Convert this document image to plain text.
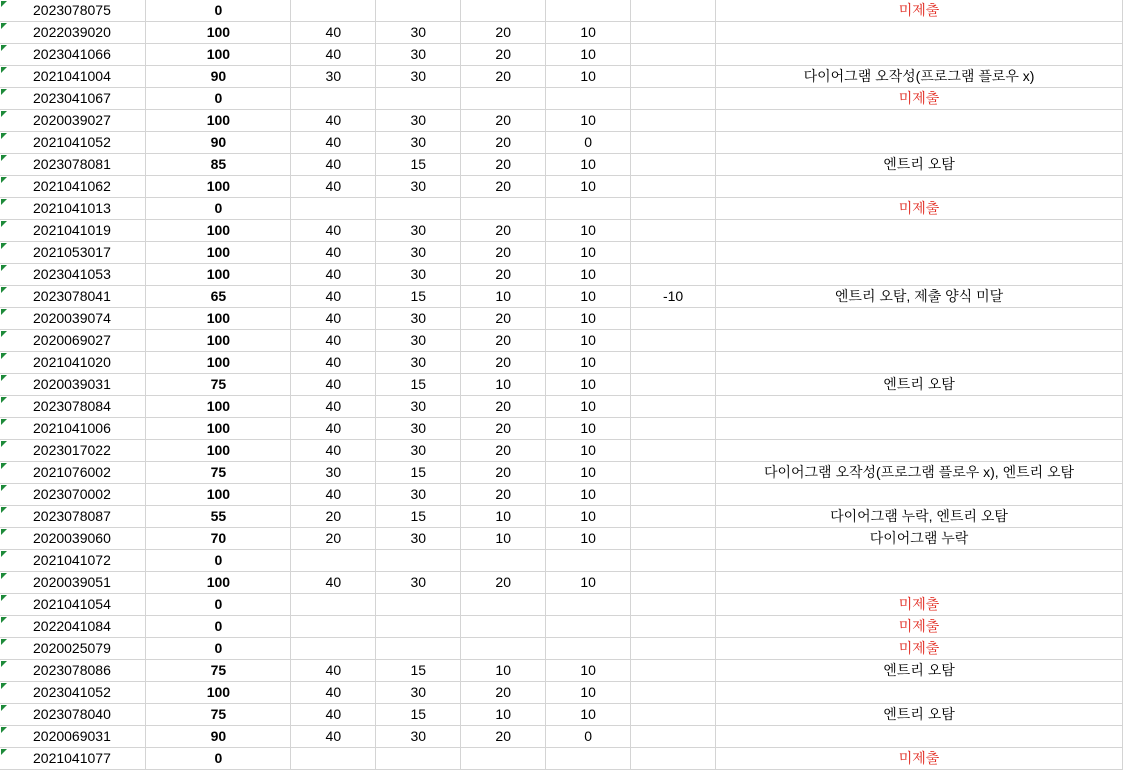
2023078075	0						미제출

2022039020	100	40	30	20	10		

2023041066	100	40	30	20	10		

2021041004	90	30	30	20	10		다이어그램 오작성(프로그램 플로우 x)

2023041067	0						미제출

2020039027	100	40	30	20	10		

2021041052	90	40	30	20	0		

2023078081	85	40	15	20	10		엔트리 오탐

2021041062	100	40	30	20	10		

2021041013	0						미제출

2021041019	100	40	30	20	10		

2021053017	100	40	30	20	10		

2023041053	100	40	30	20	10		

2023078041	65	40	15	10	10	-10	엔트리 오탐, 제출 양식 미달

2020039074	100	40	30	20	10		

2020069027	100	40	30	20	10		

2021041020	100	40	30	20	10		

2020039031	75	40	15	10	10		엔트리 오탐

2023078084	100	40	30	20	10		

2021041006	100	40	30	20	10		

2023017022	100	40	30	20	10		

2021076002	75	30	15	20	10		다이어그램 오작성(프로그램 플로우 x), 엔트리 오탐

2023070002	100	40	30	20	10		

2023078087	55	20	15	10	10		다이어그램 누락, 엔트리 오탐

2020039060	70	20	30	10	10		다이어그램 누락

2021041072	0						

2020039051	100	40	30	20	10		

2021041054	0						미제출

2022041084	0						미제출

2020025079	0						미제출

2023078086	75	40	15	10	10		엔트리 오탐

2023041052	100	40	30	20	10		

2023078040	75	40	15	10	10		엔트리 오탐

2020069031	90	40	30	20	0		

2021041077	0						미제출
